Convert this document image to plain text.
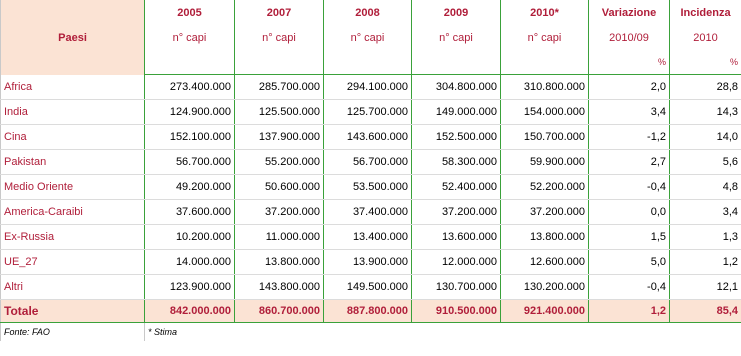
Paesi	2005	2007	2008	2009	2010*	Variazione	Incidenza
	n° capi	n° capi	n° capi	n° capi	n° capi	2010/09	2010
						%	%
Africa	273.400.000	285.700.000	294.100.000	304.800.000	310.800.000	2,0	28,8
India	124.900.000	125.500.000	125.700.000	149.000.000	154.000.000	3,4	14,3
Cina	152.100.000	137.900.000	143.600.000	152.500.000	150.700.000	-1,2	14,0
Pakistan	56.700.000	55.200.000	56.700.000	58.300.000	59.900.000	2,7	5,6
Medio Oriente	49.200.000	50.600.000	53.500.000	52.400.000	52.200.000	-0,4	4,8
America-Caraibi	37.600.000	37.200.000	37.400.000	37.200.000	37.200.000	0,0	3,4
Ex-Russia	10.200.000	11.000.000	13.400.000	13.600.000	13.800.000	1,5	1,3
UE_27	14.000.000	13.800.000	13.900.000	12.000.000	12.600.000	5,0	1,2
Altri	123.900.000	143.800.000	149.500.000	130.700.000	130.200.000	-0,4	12,1
Totale	842.000.000	860.700.000	887.800.000	910.500.000	921.400.000	1,2	85,4
Fonte: FAO	* Stima						
